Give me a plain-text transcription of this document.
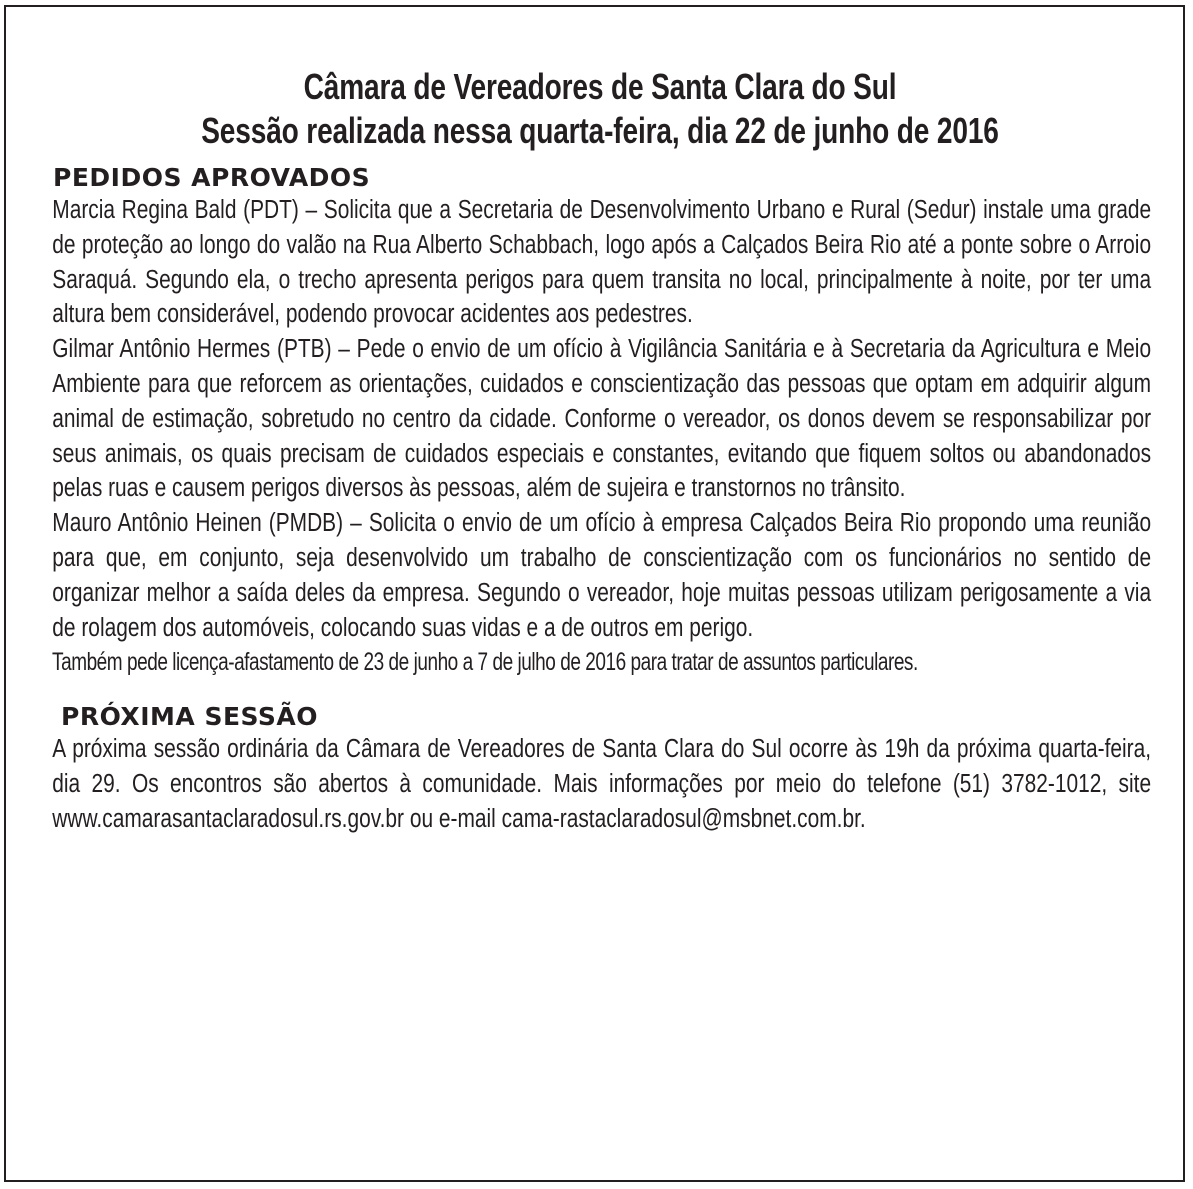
Câmara de Vereadores de Santa Clara do Sul
Sessão realizada nessa quarta-feira, dia 22 de junho de 2016
PEDIDOS APROVADOS

Marcia Regina Bald (PDT) – Solicita que a Secretaria de Desenvolvimento Urbano e Rural (Sedur) instale uma grade de proteção ao longo do valão na Rua Alberto Schabbach, logo após a Calçados Beira Rio até a ponte sobre o Arroio Saraquá. Segundo ela, o trecho apresenta perigos para quem transita no local, principalmente à noite, por ter uma altura bem considerável, podendo provocar acidentes aos pedestres.

Gilmar Antônio Hermes (PTB) – Pede o envio de um ofício à Vigilância Sanitária e à Secretaria da Agricultura e Meio Ambiente para que reforcem as orientações, cuidados e conscientização das pessoas que optam em adquirir algum animal de estimação, sobretudo no centro da cidade. Conforme o vereador, os donos devem se responsabilizar por seus animais, os quais precisam de cuidados especiais e constantes, evitando que fiquem soltos ou abandonados pelas ruas e causem perigos diversos às pessoas, além de sujeira e transtornos no trânsito.

Mauro Antônio Heinen (PMDB) – Solicita o envio de um ofício à empresa Calçados Beira Rio propondo uma reunião para que, em conjunto, seja desenvolvido um trabalho de conscientização com os funcionários no sentido de organizar melhor a saída deles da empresa. Segundo o vereador, hoje muitas pessoas utilizam perigosamente a via de rolagem dos automóveis, colocando suas vidas e a de outros em perigo.

Também pede licença-afastamento de 23 de junho a 7 de julho de 2016 para tratar de assuntos particulares.

PRÓXIMA SESSÃO

A próxima sessão ordinária da Câmara de Vereadores de Santa Clara do Sul ocorre às 19h da próxima quarta-feira, dia 29. Os encontros são abertos à comunidade. Mais informações por meio do telefone (51) 3782-1012, site www.camarasantaclaradosul.rs.gov.br ou e-mail cama-rastaclaradosul@msbnet.com.br.
